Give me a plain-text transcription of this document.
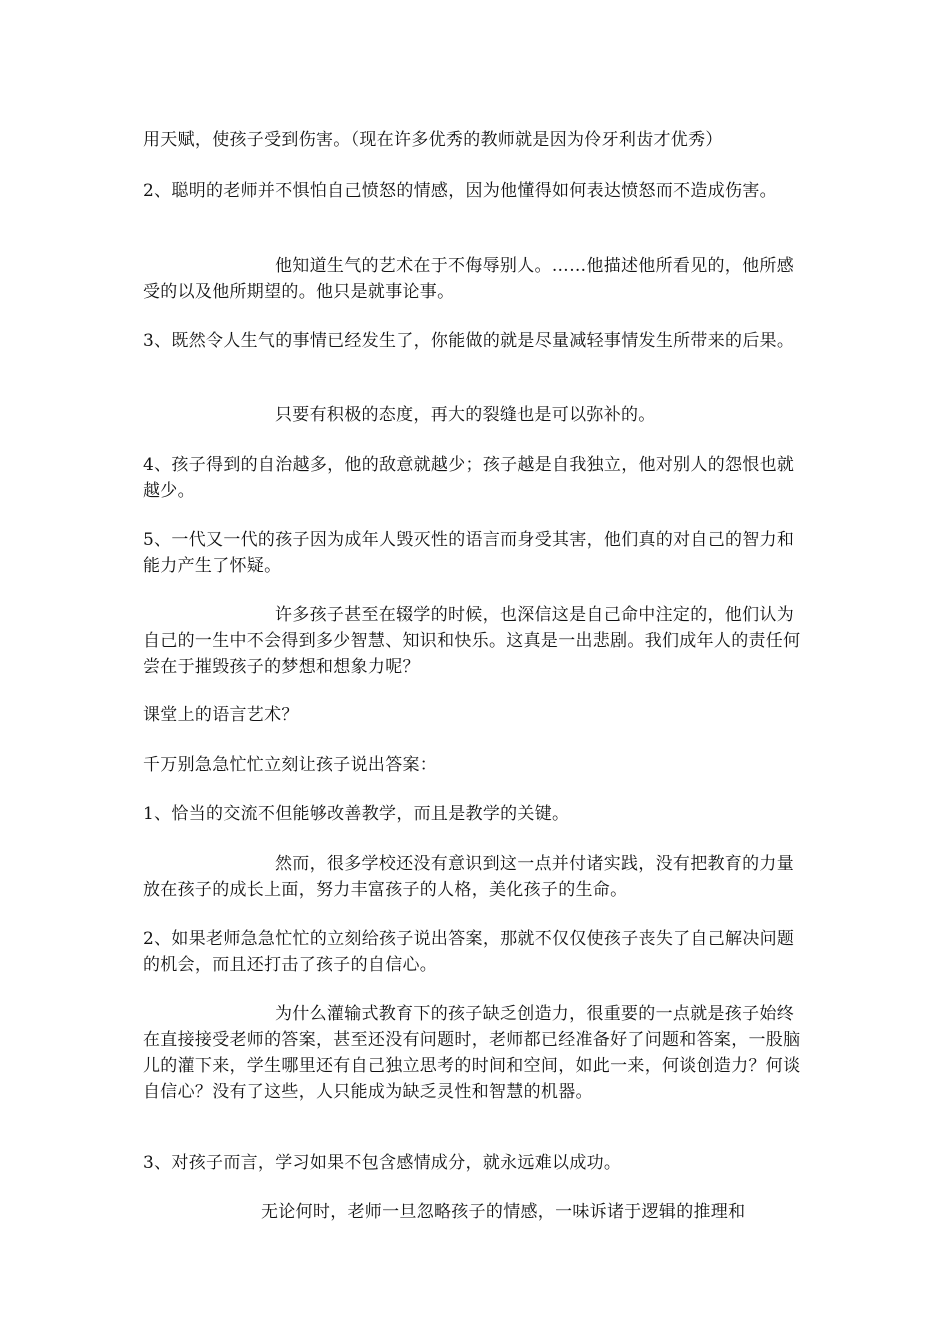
用天赋，使孩子受到伤害。（现在许多优秀的教师就是因为伶牙利齿才优秀）

2、聪明的老师并不惧怕自己愤怒的情感，因为他懂得如何表达愤怒而不造成伤害。

他知道生气的艺术在于不侮辱别人。……他描述他所看见的，他所感受的以及他所期望的。他只是就事论事。

3、既然令人生气的事情已经发生了，你能做的就是尽量减轻事情发生所带来的后果。

只要有积极的态度，再大的裂缝也是可以弥补的。

4、孩子得到的自治越多，他的敌意就越少；孩子越是自我独立，他对别人的怨恨也就越少。

5、一代又一代的孩子因为成年人毁灭性的语言而身受其害，他们真的对自己的智力和能力产生了怀疑。

许多孩子甚至在辍学的时候，也深信这是自己命中注定的，他们认为自己的一生中不会得到多少智慧、知识和快乐。这真是一出悲剧。我们成年人的责任何尝在于摧毁孩子的梦想和想象力呢？

课堂上的语言艺术？

千万别急急忙忙立刻让孩子说出答案：

1、恰当的交流不但能够改善教学，而且是教学的关键。

然而，很多学校还没有意识到这一点并付诸实践，没有把教育的力量放在孩子的成长上面，努力丰富孩子的人格，美化孩子的生命。

2、如果老师急急忙忙的立刻给孩子说出答案，那就不仅仅使孩子丧失了自己解决问题的机会，而且还打击了孩子的自信心。

为什么灌输式教育下的孩子缺乏创造力，很重要的一点就是孩子始终在直接接受老师的答案，甚至还没有问题时，老师都已经准备好了问题和答案，一股脑儿的灌下来，学生哪里还有自己独立思考的时间和空间，如此一来，何谈创造力？何谈自信心？没有了这些，人只能成为缺乏灵性和智慧的机器。

3、对孩子而言，学习如果不包含感情成分，就永远难以成功。

无论何时，老师一旦忽略孩子的情感，一味诉诸于逻辑的推理和
